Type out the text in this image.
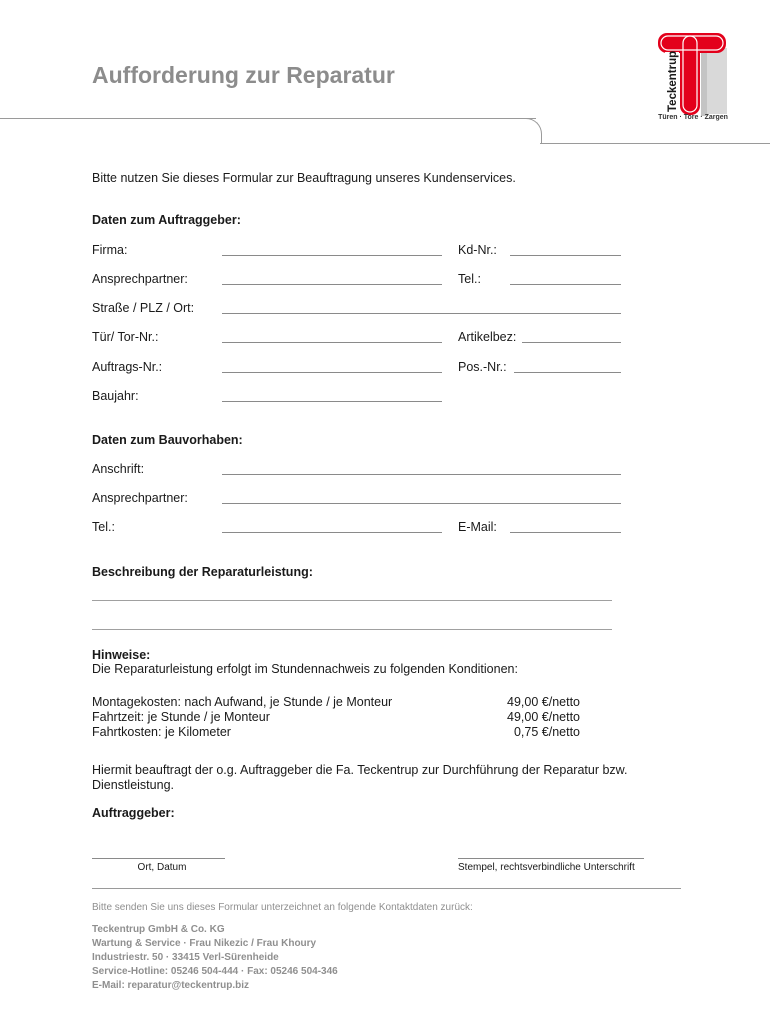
Aufforderung zur Reparatur	Teckentrup
Türen · Tore · Zargen
Bitte nutzen Sie dieses Formular zur Beauftragung unseres Kundenservices.
Daten zum Auftraggeber:
Firma:	Kd-Nr.:
Ansprechpartner:	Tel.:
Straße / PLZ / Ort:
Tür/ Tor-Nr.:	Artikelbez:
Auftrags-Nr.:	Pos.-Nr.:
Baujahr:
Daten zum Bauvorhaben:
Anschrift:
Ansprechpartner:
Tel.:	E-Mail:
Beschreibung der Reparaturleistung:
Hinweise:
Die Reparaturleistung erfolgt im Stundennachweis zu folgenden Konditionen:
Montagekosten: nach Aufwand, je Stunde / je Monteur	49,00 €/netto
Fahrtzeit: je Stunde / je Monteur	49,00 €/netto
Fahrtkosten: je Kilometer	0,75 €/netto
Hiermit beauftragt der o.g. Auftraggeber die Fa. Teckentrup zur Durchführung der Reparatur bzw.
Dienstleistung.
Auftraggeber:
Ort, Datum	Stempel, rechtsverbindliche Unterschrift
Bitte senden Sie uns dieses Formular unterzeichnet an folgende Kontaktdaten zurück:
Teckentrup GmbH & Co. KG
Wartung & Service · Frau Nikezic / Frau Khoury
Industriestr. 50 · 33415 Verl-Sürenheide
Service-Hotline: 05246 504-444 · Fax: 05246 504-346
E-Mail: reparatur@teckentrup.biz
